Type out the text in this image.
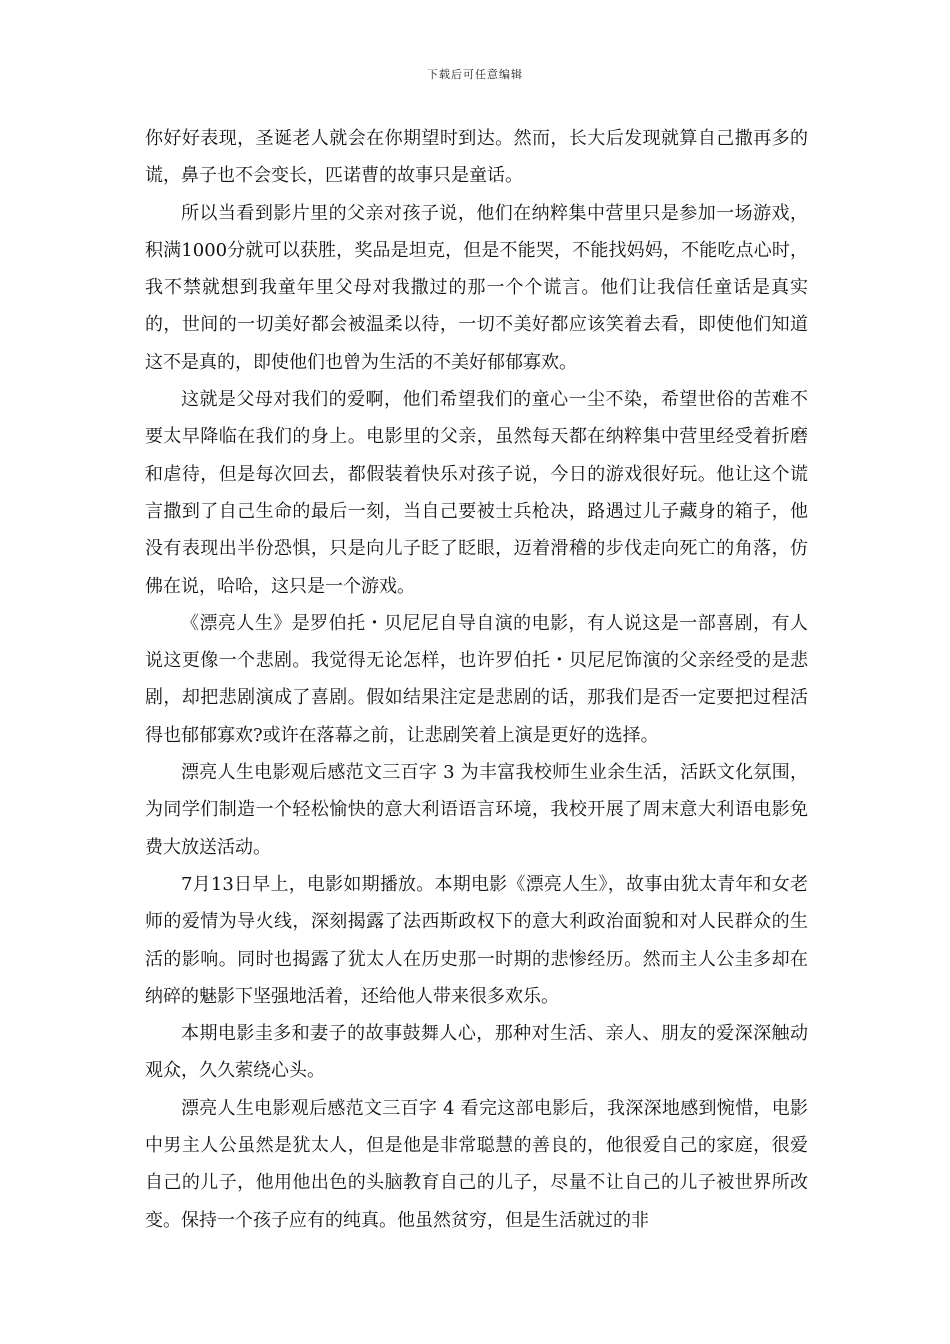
下载后可任意编辑

你好好表现，圣诞老人就会在你期望时到达。然而，长大后发现就算自己撒再多的谎，鼻子也不会变长，匹诺曹的故事只是童话。

所以当看到影片里的父亲对孩子说，他们在纳粹集中营里只是参加一场游戏，积满1000分就可以获胜，奖品是坦克，但是不能哭，不能找妈妈，不能吃点心时，我不禁就想到我童年里父母对我撒过的那一个个谎言。他们让我信任童话是真实的，世间的一切美好都会被温柔以待，一切不美好都应该笑着去看，即使他们知道这不是真的，即使他们也曾为生活的不美好郁郁寡欢。

这就是父母对我们的爱啊，他们希望我们的童心一尘不染，希望世俗的苦难不要太早降临在我们的身上。电影里的父亲，虽然每天都在纳粹集中营里经受着折磨和虐待，但是每次回去，都假装着快乐对孩子说，今日的游戏很好玩。他让这个谎言撒到了自己生命的最后一刻，当自己要被士兵枪决，路遇过儿子藏身的箱子，他没有表现出半份恐惧，只是向儿子眨了眨眼，迈着滑稽的步伐走向死亡的角落，仿佛在说，哈哈，这只是一个游戏。

《漂亮人生》是罗伯托・贝尼尼自导自演的电影，有人说这是一部喜剧，有人说这更像一个悲剧。我觉得无论怎样，也许罗伯托・贝尼尼饰演的父亲经受的是悲剧，却把悲剧演成了喜剧。假如结果注定是悲剧的话，那我们是否一定要把过程活得也郁郁寡欢?或许在落幕之前，让悲剧笑着上演是更好的选择。

漂亮人生电影观后感范文三百字 3 为丰富我校师生业余生活，活跃文化氛围，为同学们制造一个轻松愉快的意大利语语言环境，我校开展了周末意大利语电影免费大放送活动。

7月13日早上，电影如期播放。本期电影《漂亮人生》，故事由犹太青年和女老师的爱情为导火线，深刻揭露了法西斯政权下的意大利政治面貌和对人民群众的生活的影响。同时也揭露了犹太人在历史那一时期的悲惨经历。然而主人公圭多却在纳碎的魅影下坚强地活着，还给他人带来很多欢乐。

本期电影圭多和妻子的故事鼓舞人心，那种对生活、亲人、朋友的爱深深触动观众，久久萦绕心头。

漂亮人生电影观后感范文三百字 4 看完这部电影后，我深深地感到惋惜，电影中男主人公虽然是犹太人，但是他是非常聪慧的善良的，他很爱自己的家庭，很爱自己的儿子，他用他出色的头脑教育自己的儿子，尽量不让自己的儿子被世界所改变。保持一个孩子应有的纯真。他虽然贫穷，但是生活就过的非
